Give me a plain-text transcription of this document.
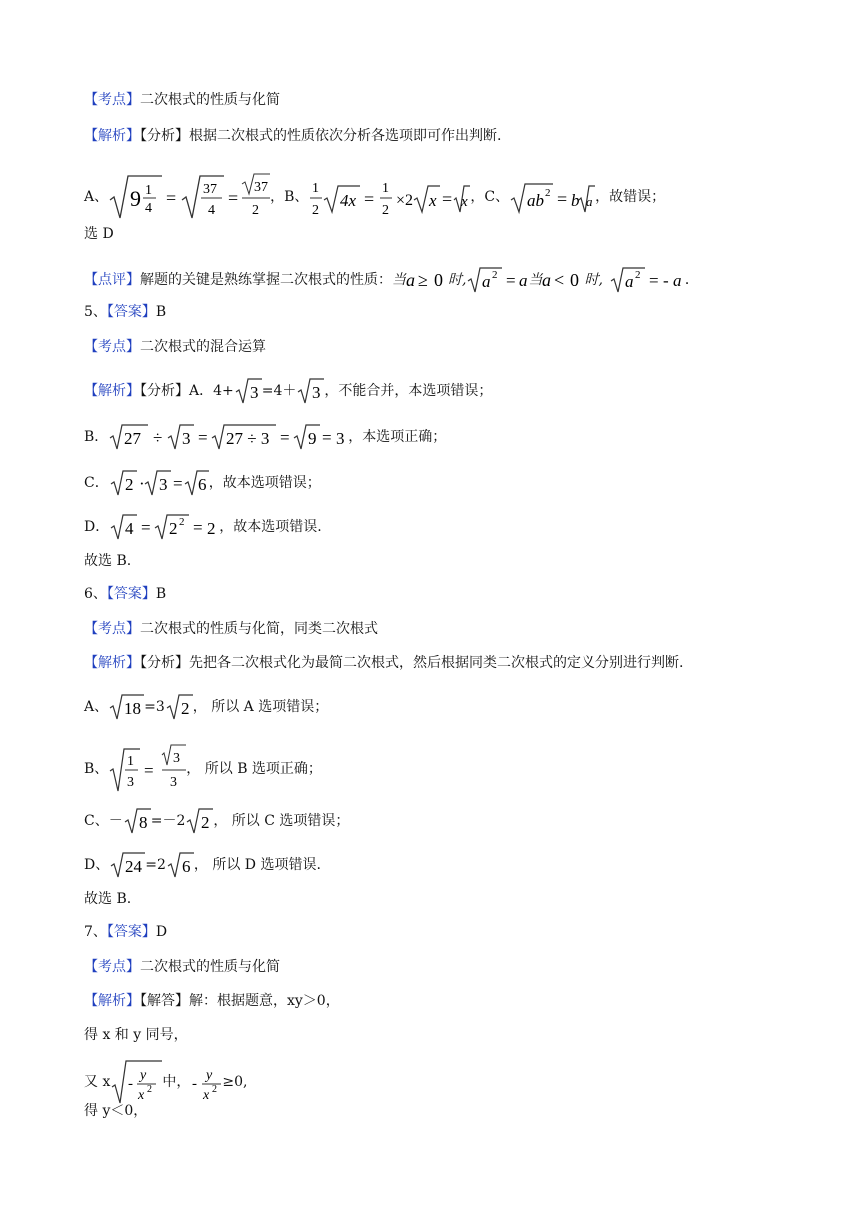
【考点】二次根式的性质与化简
【解析】【分析】根据二次根式的性质依次分析各选项即可作出判断.
A、 9 1
4
= 37
4
=
37
2
，B、
1
2
4x =
1
2
×2 x = x ，C、 ab 2 = b a ，故错误；
选 D
【点评】解题的关键是熟练掌握二次根式的性质：当 a ≥ 0 时, a 2 = a 当 a < 0 时, a 2 = - a ．
5、【答案】B
【考点】二次根式的混合运算
【解析】【分析】A．4+ 3 =4＋ 3 ，不能合并，本选项错误；
B． 27 ÷ 3 = 27 ÷ 3 = 9 = 3 ，本选项正确；
C． 2 · 3 = 6 ，故本选项错误；
D． 4 = 2 2 = 2 ，故本选项错误.
故选 B.
6、【答案】B
【考点】二次根式的性质与化简，同类二次根式
【解析】【分析】先把各二次根式化为最简二次根式，然后根据同类二次根式的定义分别进行判断.
A、 18 =3 2 ， 所以 A 选项错误；
B、 1
3
=
3
3
， 所以 B 选项正确；
C、－ 8 =－2 2 ， 所以 C 选项错误；
D、 24 =2 6 ， 所以 D 选项错误.
故选 B.
7、【答案】D
【考点】二次根式的性质与化简
【解析】【解答】解：根据题意，xy＞0，
得 x 和 y 同号，
又 x -
y
x 2 中， -
y
x 2 ≥0,
得 y＜0，
